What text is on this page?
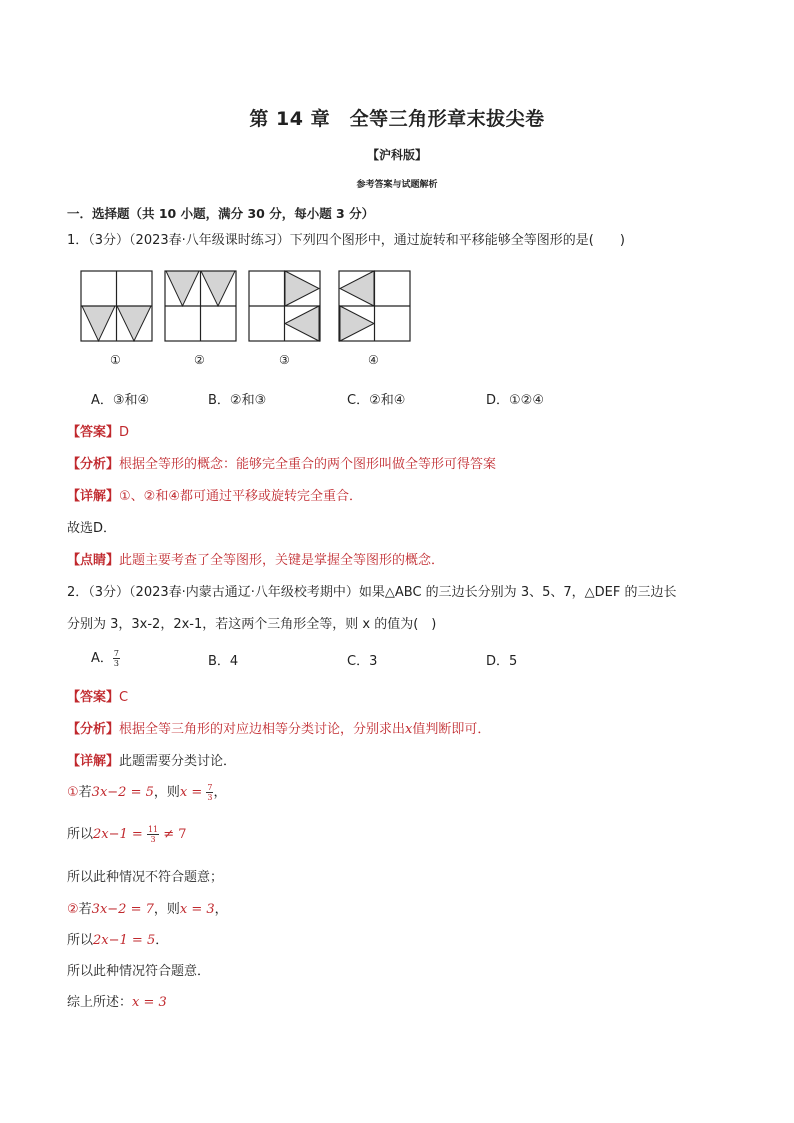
第 14 章　全等三角形章末拔尖卷
【沪科版】
参考答案与试题解析
一．选择题（共 10 小题，满分 30 分，每小题 3 分）
1．（3分）（2023春·八年级课时练习）下列四个图形中，通过旋转和平移能够全等图形的是(　　)
①	②	③	④
A．③和④	B．②和③	C．②和④	D．①②④
【答案】D
【分析】根据全等形的概念：能够完全重合的两个图形叫做全等形可得答案
【详解】①、②和④都可通过平移或旋转完全重合．
故选D．
【点睛】此题主要考查了全等图形，关键是掌握全等图形的概念．
2．（3分）（2023春·内蒙古通辽·八年级校考期中）如果△ABC 的三边长分别为 3、5、7，△DEF 的三边长
分别为 3，3x-2，2x-1，若这两个三角形全等，则 x 的值为(　)
A． $\frac{7}{3}$	B．4	C．3	D．5
【答案】C
【分析】根据全等三角形的对应边相等分类讨论，分别求出x值判断即可．
【详解】此题需要分类讨论．
①若3x−2 = 5，则$x = \frac{7}{3}$ ，
所以$2x-1 = \frac{11}{3} \ne 7$
所以此种情况不符合题意；
②若3x−2 = 7，则x = 3，
所以2x−1 = 5．
所以此种情况符合题意．
综上所述：x = 3
